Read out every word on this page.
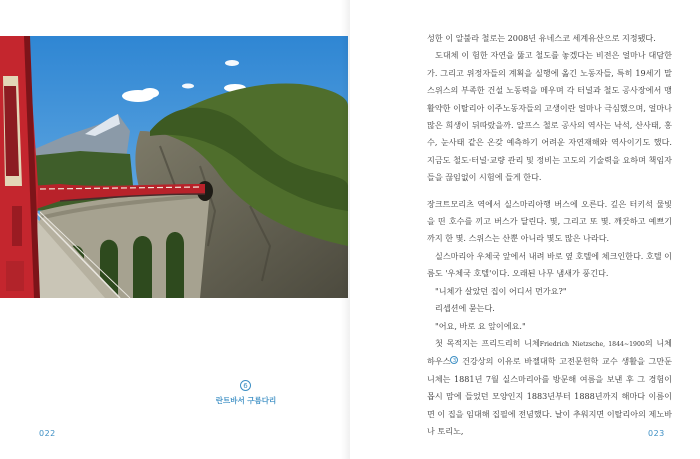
6
란트바서 구름다리
022

성한 이 알불라 철로는 2008년 유네스코 세계유산으로 지정됐다.

도대체 이 험한 자연을 뚫고 철도를 놓겠다는 비전은 얼마나 대담한가. 그리고 위정자들의 계획을 실행에 옮긴 노동자들, 특히 19세기 말 스위스의 부족한 건설 노동력을 메우며 각 터널과 철도 공사장에서 맹활약한 이탈리아 이주노동자들의 고생이란 얼마나 극심했으며, 얼마나 많은 희생이 뒤따랐을까. 알프스 철로 공사의 역사는 낙석, 산사태, 홍수, 눈사태 같은 온갖 예측하기 어려운 자연재해와 역사이기도 했다. 지금도 철도·터널·교량 관리 및 정비는 고도의 기술력을 요하며 책임자들을 끊임없이 시험에 들게 한다.

장크트모리츠 역에서 실스마리아행 버스에 오른다. 깊은 터키석 물빛을 띤 호수를 끼고 버스가 달린다. 몇, 그리고 또 몇. 깨끗하고 예쁘기까지 한 몇. 스위스는 산뿐 아니라 몇도 많은 나라다.

실스마리아 우체국 앞에서 내려 바로 옆 호텔에 체크인한다. 호텔 이름도 '우체국 호텔'이다. 오래된 나무 냄새가 풍긴다.

"니체가 살았던 집이 어디서 먼가요?"

리셉션에 묻는다.

"어요, 바로 요 앞이에요."

첫 목적지는 프리드리히 니체Friedrich Nietzsche, 1844~1900의 니체하우스 3 건강상의 이유로 바젤대학 고전문헌학 교수 생활을 그만둔 니체는 1881년 7월 실스마리아를 방문해 여름을 보낸 후 그 경험이 몹시 맘에 들었던 모양인지 1883년부터 1888년까지 해마다 이름이면 이 집을 임대해 집필에 전념했다. 날이 추워지면 이탈리아의 제노바나 토리노,	023
